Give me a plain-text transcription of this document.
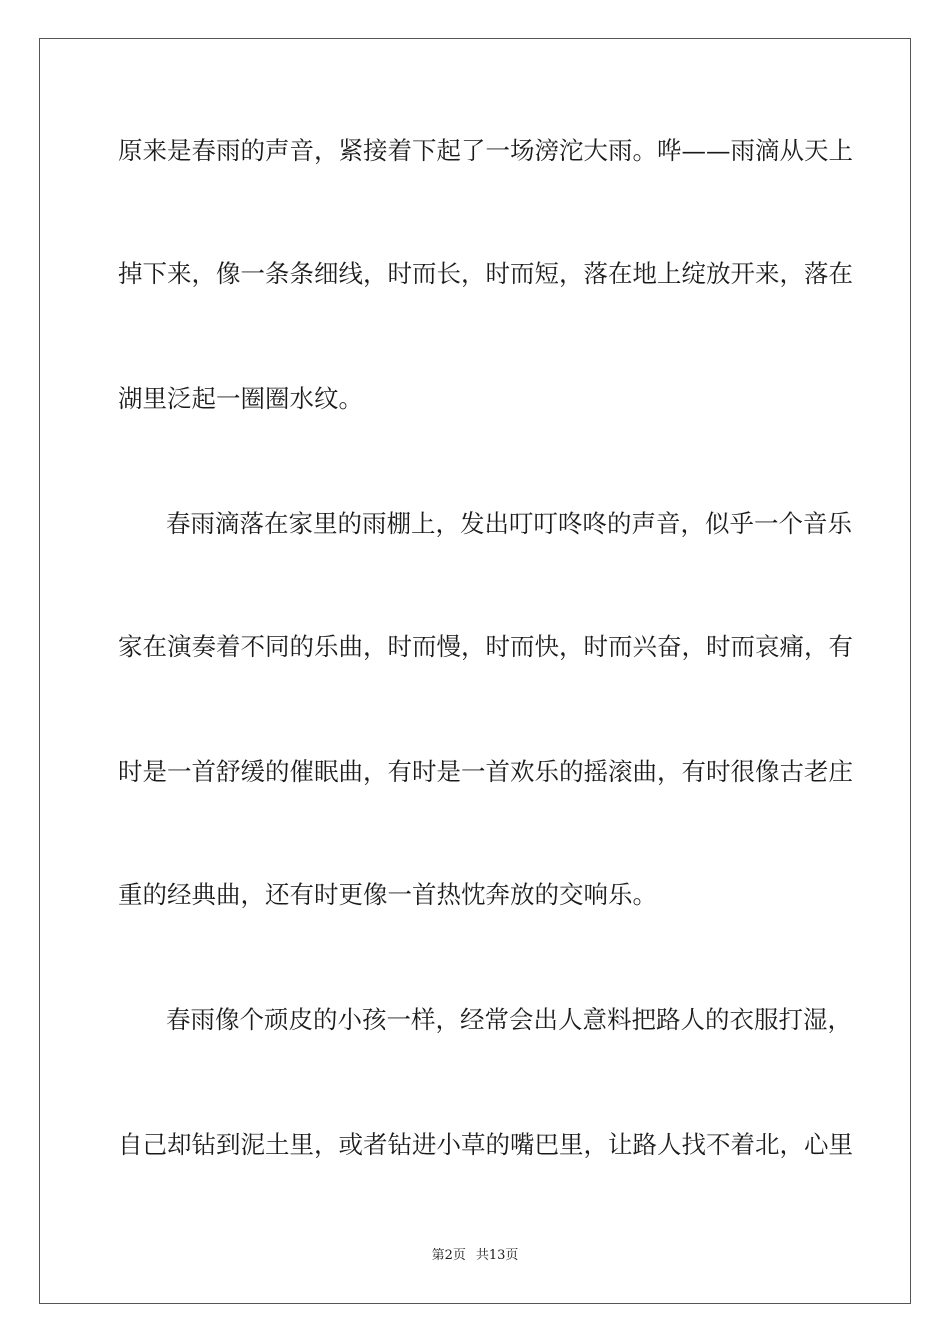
原来是春雨的声音，紧接着下起了一场滂沱大雨。哗——雨滴从天上
掉下来，像一条条细线，时而长，时而短，落在地上绽放开来，落在
湖里泛起一圈圈水纹。
春雨滴落在家里的雨棚上，发出叮叮咚咚的声音，似乎一个音乐
家在演奏着不同的乐曲，时而慢，时而快，时而兴奋，时而哀痛，有
时是一首舒缓的催眠曲，有时是一首欢乐的摇滚曲，有时很像古老庄
重的经典曲，还有时更像一首热忱奔放的交响乐。
春雨像个顽皮的小孩一样，经常会出人意料把路人的衣服打湿，
自己却钻到泥土里，或者钻进小草的嘴巴里，让路人找不着北，心里
第2页 共13页
